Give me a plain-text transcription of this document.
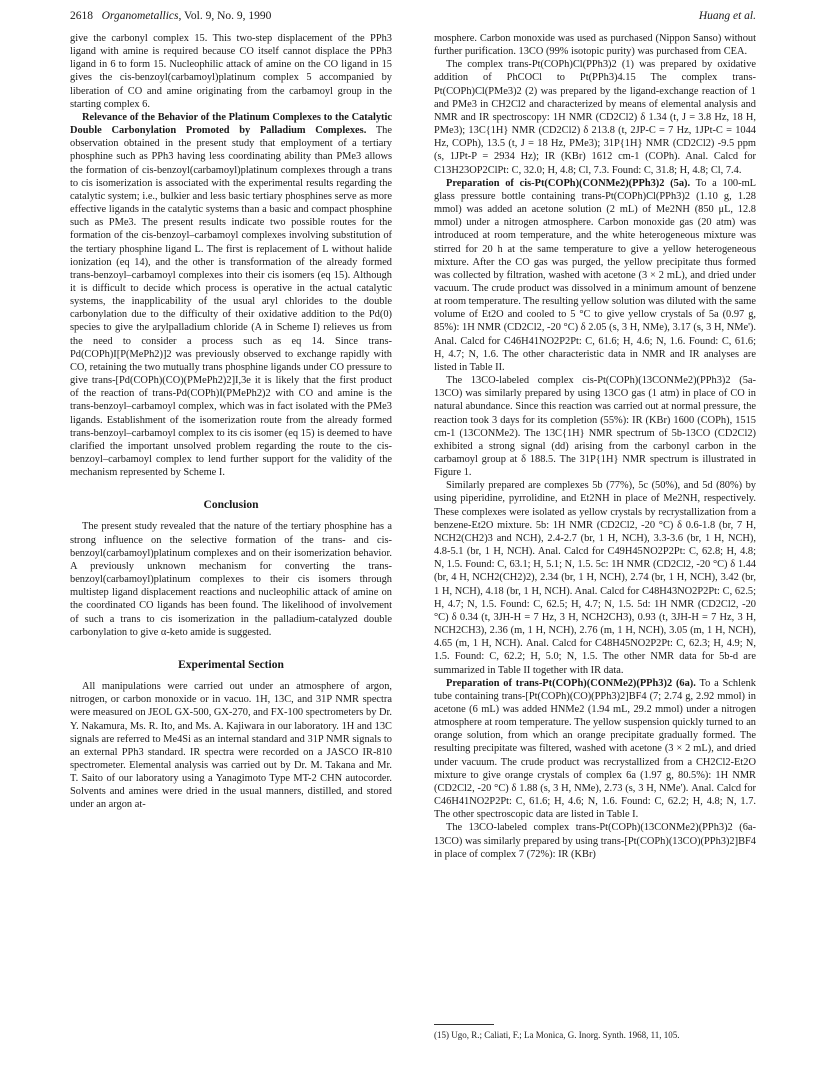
2618 Organometallics, Vol. 9, No. 9, 1990	Huang et al.

give the carbonyl complex 15. This two-step displacement of the PPh3 ligand with amine is required because CO itself cannot displace the PPh3 ligand in 6 to form 15. Nucleophilic attack of amine on the CO ligand in 15 gives the cis-benzoyl(carbamoyl)platinum complex 5 accompanied by liberation of CO and amine originating from the carbamoyl group in the starting complex 6.

Relevance of the Behavior of the Platinum Complexes to the Catalytic Double Carbonylation Promoted by Palladium Complexes. The observation obtained in the present study that employment of a tertiary phosphine such as PPh3 having less coordinating ability than PMe3 allows the formation of cis-benzoyl(carbamoyl)platinum complexes through a trans to cis isomerization is associated with the experimental results regarding the catalytic system; i.e., bulkier and less basic tertiary phosphines serve as more effective ligands in the catalytic systems than a basic and compact phosphine such as PMe3. The present results indicate two possible routes for the formation of the cis-benzoyl–carbamoyl complexes involving substitution of the tertiary phosphine ligand L. The first is replacement of L without halide ionization (eq 14), and the other is transformation of the already formed trans-benzoyl–carbamoyl complexes into their cis isomers (eq 15). Although it is difficult to decide which process is operative in the actual catalytic systems, the inapplicability of the usual aryl chlorides to the double carbonylation due to the difficulty of their oxidative addition to the Pd(0) species to give the arylpalladium chloride (A in Scheme I) relieves us from the need to consider a process such as eq 14. Since trans-Pd(COPh)I[P(MePh2)]2 was previously observed to exchange rapidly with CO, retaining the two mutually trans phosphine ligands under CO pressure to give trans-[Pd(COPh)(CO)(PMePh2)2]I,3e it is likely that the first product of the reaction of trans-Pd(COPh)I(PMePh2)2 with CO and amine is the trans-benzoyl–carbamoyl complex, which was in fact isolated with the PMe3 ligands. Establishment of the isomerization route from the already formed trans-benzoyl–carbamoyl complex to its cis isomer (eq 15) is deemed to have clarified the important unsolved problem regarding the route to the cis-benzoyl–carbamoyl complex to lend further support for the validity of the mechanism represented by Scheme I.

Conclusion

The present study revealed that the nature of the tertiary phosphine has a strong influence on the selective formation of the trans- and cis-benzoyl(carbamoyl)platinum complexes and on their isomerization behavior. A previously unknown mechanism for converting the trans-benzoyl(carbamoyl)platinum complexes to their cis isomers through multistep ligand displacement reactions and nucleophilic attack of amine on the coordinated CO ligands has been found. The likelihood of involvement of such a trans to cis isomerization in the palladium-catalyzed double carbonylation to give α-keto amide is suggested.

Experimental Section

All manipulations were carried out under an atmosphere of argon, nitrogen, or carbon monoxide or in vacuo. 1H, 13C, and 31P NMR spectra were measured on JEOL GX-500, GX-270, and FX-100 spectrometers by Dr. Y. Nakamura, Ms. R. Ito, and Ms. A. Kajiwara in our laboratory. 1H and 13C signals are referred to Me4Si as an internal standard and 31P NMR signals to an external PPh3 standard. IR spectra were recorded on a JASCO IR-810 spectrometer. Elemental analysis was carried out by Dr. M. Takana and Mr. T. Saito of our laboratory using a Yanagimoto Type MT-2 CHN autocorder. Solvents and amines were dried in the usual manners, distilled, and stored under an argon at-

mosphere. Carbon monoxide was used as purchased (Nippon Sanso) without further purification. 13CO (99% isotopic purity) was purchased from CEA.

The complex trans-Pt(COPh)Cl(PPh3)2 (1) was prepared by oxidative addition of PhCOCl to Pt(PPh3)4.15 The complex trans-Pt(COPh)Cl(PMe3)2 (2) was prepared by the ligand-exchange reaction of 1 and PMe3 in CH2Cl2 and characterized by means of elemental analysis and NMR and IR spectroscopy: 1H NMR (CD2Cl2) δ 1.34 (t, J = 3.8 Hz, 18 H, PMe3); 13C{1H} NMR (CD2Cl2) δ 213.8 (t, 2JP-C = 7 Hz, 1JPt-C = 1044 Hz, COPh), 13.5 (t, J = 18 Hz, PMe3); 31P{1H} NMR (CD2Cl2) -9.5 ppm (s, 1JPt-P = 2934 Hz); IR (KBr) 1612 cm-1 (COPh). Anal. Calcd for C13H23OP2ClPt: C, 32.0; H, 4.8; Cl, 7.3. Found: C, 31.8; H, 4.8; Cl, 7.4.

Preparation of cis-Pt(COPh)(CONMe2)(PPh3)2 (5a). To a 100-mL glass pressure bottle containing trans-Pt(COPh)Cl(PPh3)2 (1.10 g, 1.28 mmol) was added an acetone solution (2 mL) of Me2NH (850 μL, 12.8 mmol) under a nitrogen atmosphere. Carbon monoxide gas (20 atm) was introduced at room temperature, and the white heterogeneous mixture was stirred for 20 h at the same temperature to give a yellow heterogeneous mixture. After the CO gas was purged, the yellow precipitate thus formed was collected by filtration, washed with acetone (3 × 2 mL), and dried under vacuum. The crude product was dissolved in a minimum amount of benzene at room temperature. The resulting yellow solution was diluted with the same volume of Et2O and cooled to 5 °C to give yellow crystals of 5a (0.97 g, 85%): 1H NMR (CD2Cl2, -20 °C) δ 2.05 (s, 3 H, NMe), 3.17 (s, 3 H, NMe'). Anal. Calcd for C46H41NO2P2Pt: C, 61.6; H, 4.6; N, 1.6. Found: C, 61.6; H, 4.7; N, 1.6. The other characteristic data in NMR and IR analyses are listed in Table II.

The 13CO-labeled complex cis-Pt(COPh)(13CONMe2)(PPh3)2 (5a-13CO) was similarly prepared by using 13CO gas (1 atm) in place of CO in natural abundance. Since this reaction was carried out at normal pressure, the reaction took 3 days for its completion (55%): IR (KBr) 1600 (COPh), 1515 cm-1 (13CONMe2). The 13C{1H} NMR spectrum of 5b-13CO (CD2Cl2) exhibited a strong signal (dd) arising from the carbonyl carbon in the carbamoyl group at δ 188.5. The 31P{1H} NMR spectrum is illustrated in Figure 1.

Similarly prepared are complexes 5b (77%), 5c (50%), and 5d (80%) by using piperidine, pyrrolidine, and Et2NH in place of Me2NH, respectively. These complexes were isolated as yellow crystals by recrystallization from a benzene-Et2O mixture. 5b: 1H NMR (CD2Cl2, -20 °C) δ 0.6-1.8 (br, 7 H, NCH2(CH2)3 and NCH), 2.4-2.7 (br, 1 H, NCH), 3.3-3.6 (br, 1 H, NCH), 4.8-5.1 (br, 1 H, NCH). Anal. Calcd for C49H45NO2P2Pt: C, 62.8; H, 4.8; N, 1.5. Found: C, 63.1; H, 5.1; N, 1.5. 5c: 1H NMR (CD2Cl2, -20 °C) δ 1.44 (br, 4 H, NCH2(CH2)2), 2.34 (br, 1 H, NCH), 2.74 (br, 1 H, NCH), 3.42 (br, 1 H, NCH), 4.18 (br, 1 H, NCH). Anal. Calcd for C48H43NO2P2Pt: C, 62.5; H, 4.7; N, 1.5. Found: C, 62.5; H, 4.7; N, 1.5. 5d: 1H NMR (CD2Cl2, -20 °C) δ 0.34 (t, 3JH-H = 7 Hz, 3 H, NCH2CH3), 0.93 (t, 3JH-H = 7 Hz, 3 H, NCH2CH3), 2.36 (m, 1 H, NCH), 2.76 (m, 1 H, NCH), 3.05 (m, 1 H, NCH), 4.65 (m, 1 H, NCH). Anal. Calcd for C48H45NO2P2Pt: C, 62.3; H, 4.9; N, 1.5. Found: C, 62.2; H, 5.0; N, 1.5. The other NMR data for 5b-d are summarized in Table II together with IR data.

Preparation of trans-Pt(COPh)(CONMe2)(PPh3)2 (6a). To a Schlenk tube containing trans-[Pt(COPh)(CO)(PPh3)2]BF4 (7; 2.74 g, 2.92 mmol) in acetone (6 mL) was added HNMe2 (1.94 mL, 29.2 mmol) under a nitrogen atmosphere at room temperature. The yellow suspension quickly turned to an orange solution, from which an orange precipitate gradually formed. The resulting precipitate was filtered, washed with acetone (3 × 2 mL), and dried under vacuum. The crude product was recrystallized from a CH2Cl2-Et2O mixture to give orange crystals of complex 6a (1.97 g, 80.5%): 1H NMR (CD2Cl2, -20 °C) δ 1.88 (s, 3 H, NMe), 2.73 (s, 3 H, NMe'). Anal. Calcd for C46H41NO2P2Pt: C, 61.6; H, 4.6; N, 1.6. Found: C, 62.2; H, 4.8; N, 1.7. The other spectroscopic data are listed in Table I.

The 13CO-labeled complex trans-Pt(COPh)(13CONMe2)(PPh3)2 (6a-13CO) was similarly prepared by using trans-[Pt(COPh)(13CO)(PPh3)2]BF4 in place of complex 7 (72%): IR (KBr)

(15) Ugo, R.; Caliati, F.; La Monica, G. Inorg. Synth. 1968, 11, 105.
